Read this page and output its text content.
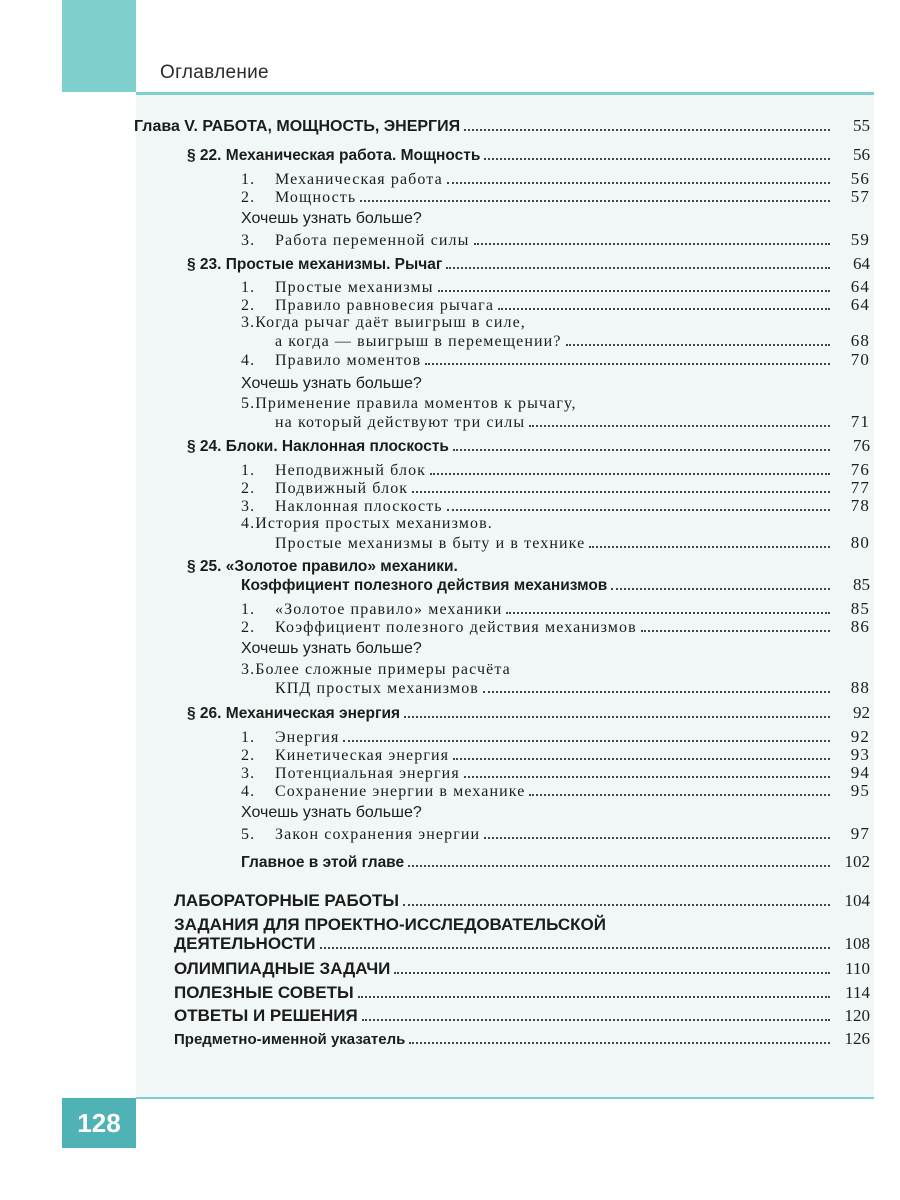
Оглавление
128
Глава V. РАБОТА, МОЩНОСТЬ, ЭНЕРГИЯ	55
§ 22. Механическая работа. Мощность	56
1. Механическая работа	56
2. Мощность	57
Хочешь узнать больше?
3. Работа переменной силы	59
§ 23. Простые механизмы. Рычаг	64
1. Простые механизмы	64
2. Правило равновесия рычага	64
3.Когда рычаг даёт выигрыш в силе,
а когда — выигрыш в перемещении?	68
4. Правило моментов	70
Хочешь узнать больше?
5.Применение правила моментов к рычагу,
на который действуют три силы	71
§ 24. Блоки. Наклонная плоскость	76
1. Неподвижный блок	76
2. Подвижный блок	77
3. Наклонная плоскость	78
4.История простых механизмов.
Простые механизмы в быту и в технике	80
§ 25. «Золотое правило» механики.
Коэффициент полезного действия механизмов	85
1. «Золотое правило» механики	85
2. Коэффициент полезного действия механизмов	86
Хочешь узнать больше?
3.Более сложные примеры расчёта
КПД простых механизмов	88
§ 26. Механическая энергия	92
1. Энергия	92
2. Кинетическая энергия	93
3. Потенциальная энергия	94
4. Сохранение энергии в механике	95
Хочешь узнать больше?
5. Закон сохранения энергии	97
Главное в этой главе	102
ЛАБОРАТОРНЫЕ РАБОТЫ	104
ЗАДАНИЯ ДЛЯ ПРОЕКТНО-ИССЛЕДОВАТЕЛЬСКОЙ
ДЕЯТЕЛЬНОСТИ	108
ОЛИМПИАДНЫЕ ЗАДАЧИ	110
ПОЛЕЗНЫЕ СОВЕТЫ	114
ОТВЕТЫ И РЕШЕНИЯ	120
Предметно-именной указатель	126
